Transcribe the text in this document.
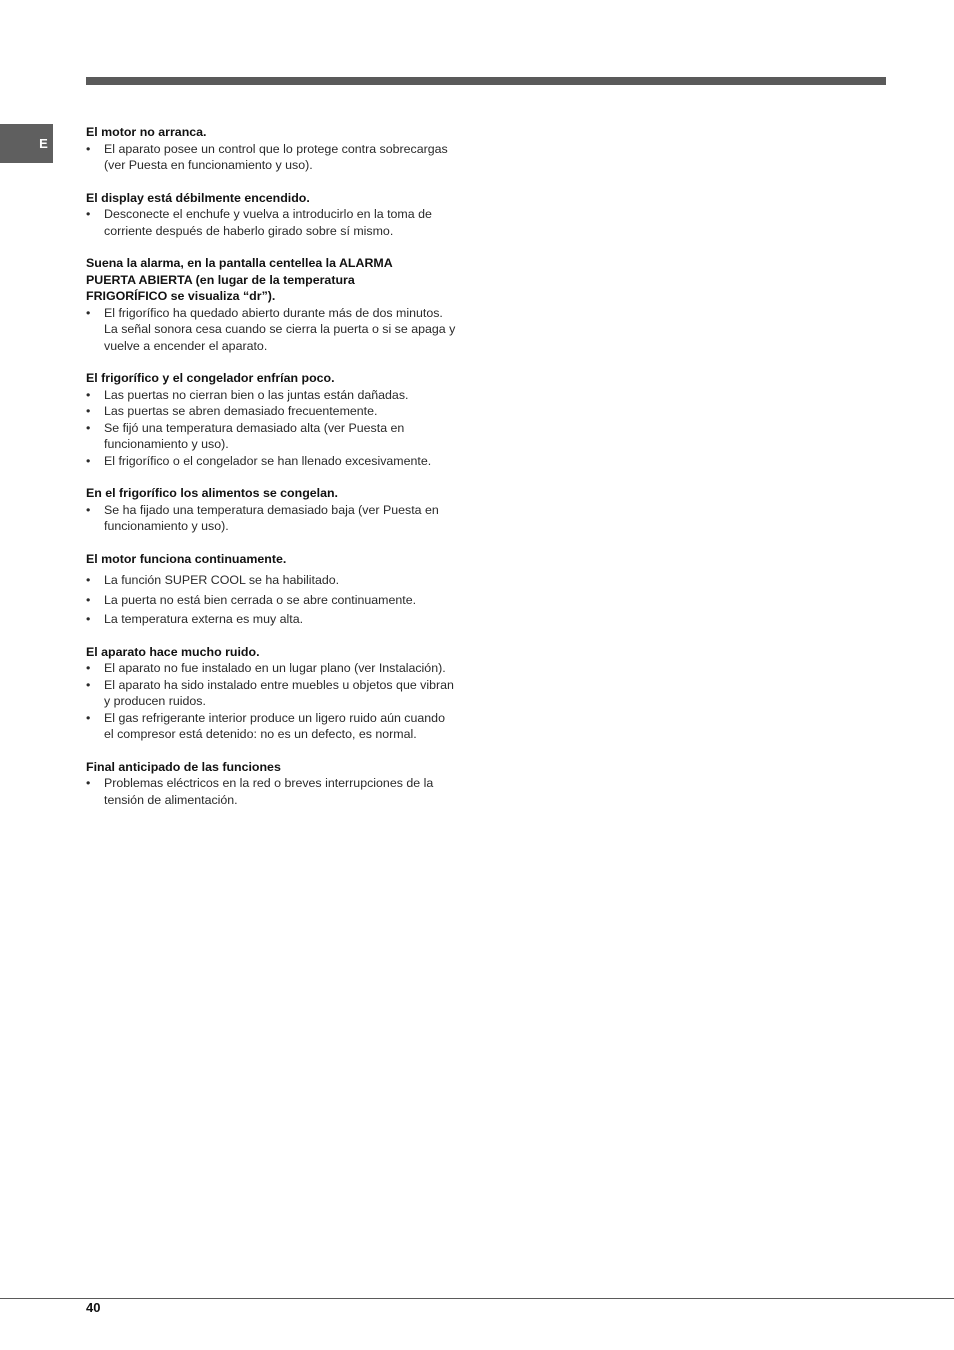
E

El motor no arranca.

•	El aparato posee un control que lo protege contra sobrecargas
(ver Puesta en funcionamiento y uso).

El display está débilmente encendido.

•	Desconecte el enchufe y vuelva a introducirlo en la toma de
corriente después de haberlo girado sobre sí mismo.

Suena la alarma, en la pantalla centellea la ALARMA
PUERTA ABIERTA (en lugar de la temperatura
FRIGORÍFICO se visualiza “dr”).

•	El frigorífico ha quedado abierto durante más de dos minutos.
La señal sonora cesa cuando se cierra la puerta o si se apaga y
vuelve a encender el aparato.

El frigorífico y el congelador enfrían poco.

•	Las puertas no cierran bien o las juntas están dañadas.
•	Las puertas se abren demasiado frecuentemente.
•	Se fijó una temperatura demasiado alta (ver Puesta en
funcionamiento y uso).
•	El frigorífico o el congelador se han llenado excesivamente.

En el frigorífico los alimentos se congelan.

•	Se ha fijado una temperatura demasiado baja (ver Puesta en
funcionamiento y uso).

El motor funciona continuamente.

•	La función SUPER COOL se ha habilitado.
•	La puerta no está bien cerrada o se abre continuamente.
•	La temperatura externa es muy alta.

El aparato hace mucho ruido.

•	El aparato no fue instalado en un lugar plano (ver Instalación).
•	El aparato ha sido instalado entre muebles u objetos que vibran
y producen ruidos.
•	El gas refrigerante interior produce un ligero ruido aún cuando
el compresor está detenido: no es un defecto, es normal.

Final anticipado de las funciones

•	Problemas eléctricos en la red o breves interrupciones de la
tensión de alimentación.
40
